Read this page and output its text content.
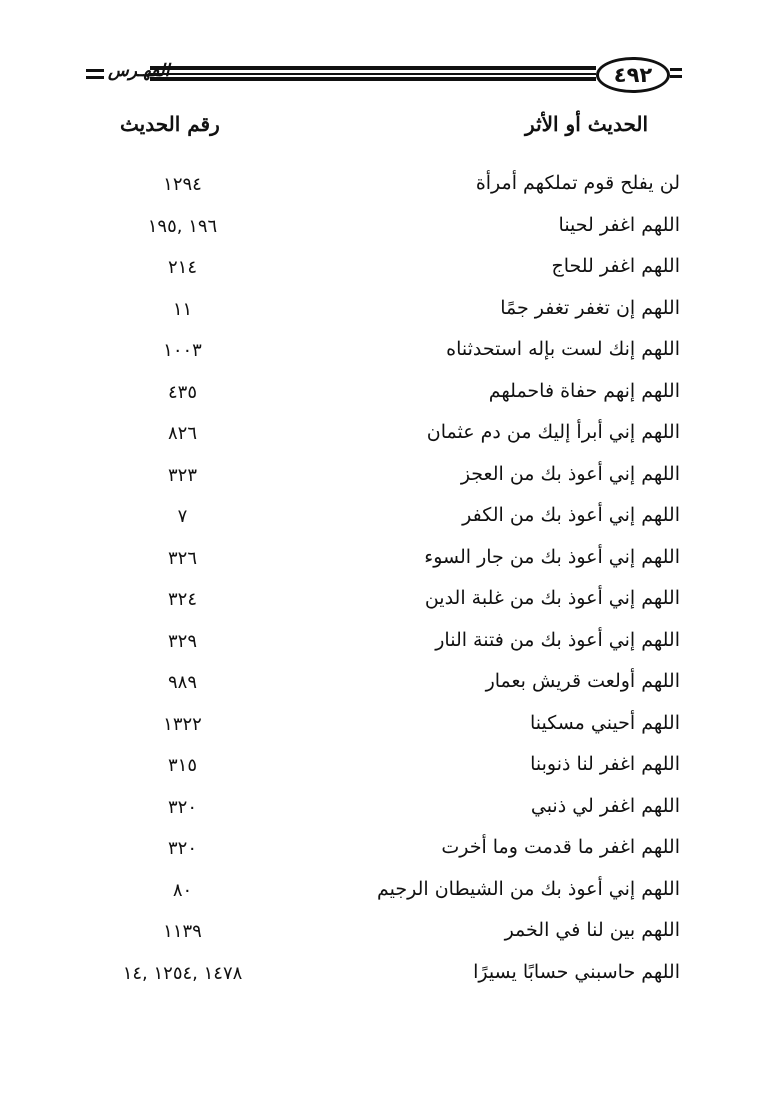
٤٩٢
الفهـرس
الحديث أو الأثر
رقم الحديث
لن يفلح قوم تملكهم أمرأة
١٢٩٤
اللهم اغفر لحينا
١٩٦ ,١٩٥
اللهم اغفر للحاج
٢١٤
اللهم إن تغفر تغفر جمًا
١١
اللهم إنك لست بإله استحدثناه
١٠٠٣
اللهم إنهم حفاة فاحملهم
٤٣٥
اللهم إني أبرأ إليك من دم عثمان
٨٢٦
اللهم إني أعوذ بك من العجز
٣٢٣
اللهم إني أعوذ بك من الكفر
٧
اللهم إني أعوذ بك من جار السوء
٣٢٦
اللهم إني أعوذ بك من غلبة الدين
٣٢٤
اللهم إني أعوذ بك من فتنة النار
٣٢٩
اللهم أولعت قريش بعمار
٩٨٩
اللهم أحيني مسكينا
١٣٢٢
اللهم اغفر لنا ذنوبنا
٣١٥
اللهم اغفر لي ذنبي
٣٢٠
اللهم اغفر ما قدمت وما أخرت
٣٢٠
اللهم إني أعوذ بك من الشيطان الرجيم
٨٠
اللهم بين لنا في الخمر
١١٣٩
اللهم حاسبني حسابًا يسيرًا
١٤٧٨ ,١٢٥٤ ,١٤
